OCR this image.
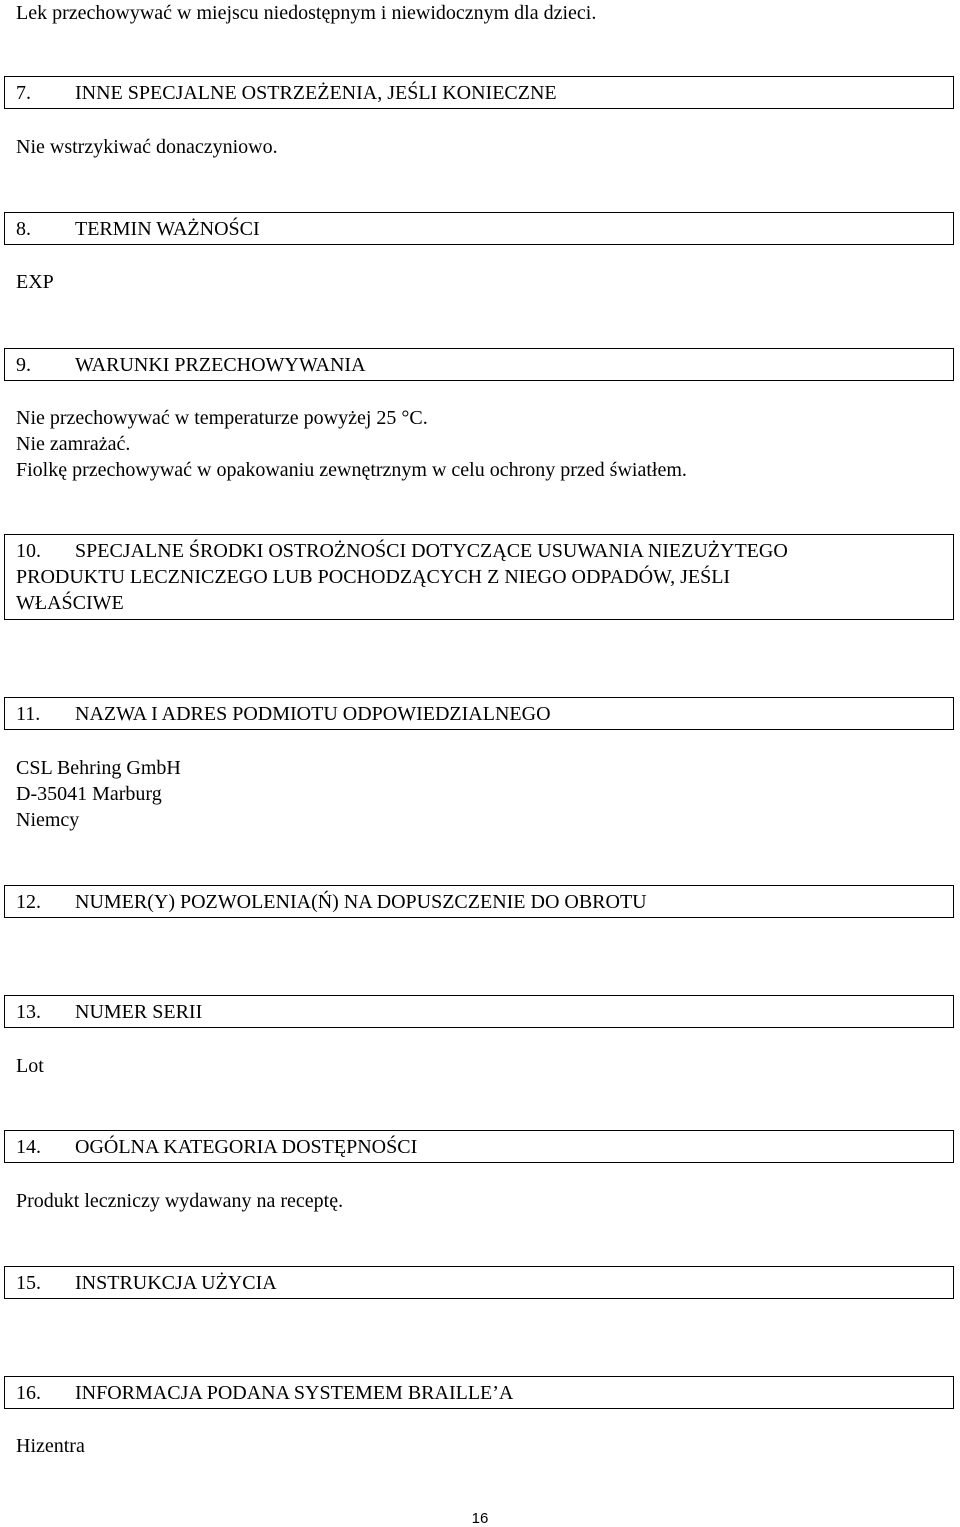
Lek przechowywać w miejscu niedostępnym i niewidocznym dla dzieci.
7. INNE SPECJALNE OSTRZEŻENIA, JEŚLI KONIECZNE
Nie wstrzykiwać donaczyniowo.
8. TERMIN WAŻNOŚCI
EXP
9. WARUNKI PRZECHOWYWANIA
Nie przechowywać w temperaturze powyżej 25 °C.
Nie zamrażać.
Fiolkę przechowywać w opakowaniu zewnętrznym w celu ochrony przed światłem.
10. SPECJALNE ŚRODKI OSTROŻNOŚCI DOTYCZĄCE USUWANIA NIEZUŻYTEGO
PRODUKTU LECZNICZEGO LUB POCHODZĄCYCH Z NIEGO ODPADÓW, JEŚLI
WŁAŚCIWE
11. NAZWA I ADRES PODMIOTU ODPOWIEDZIALNEGO
CSL Behring GmbH
D-35041 Marburg
Niemcy
12. NUMER(Y) POZWOLENIA(Ń) NA DOPUSZCZENIE DO OBROTU
13. NUMER SERII
Lot
14. OGÓLNA KATEGORIA DOSTĘPNOŚCI
Produkt leczniczy wydawany na receptę.
15. INSTRUKCJA UŻYCIA
16. INFORMACJA PODANA SYSTEMEM BRAILLE’A
Hizentra
16
